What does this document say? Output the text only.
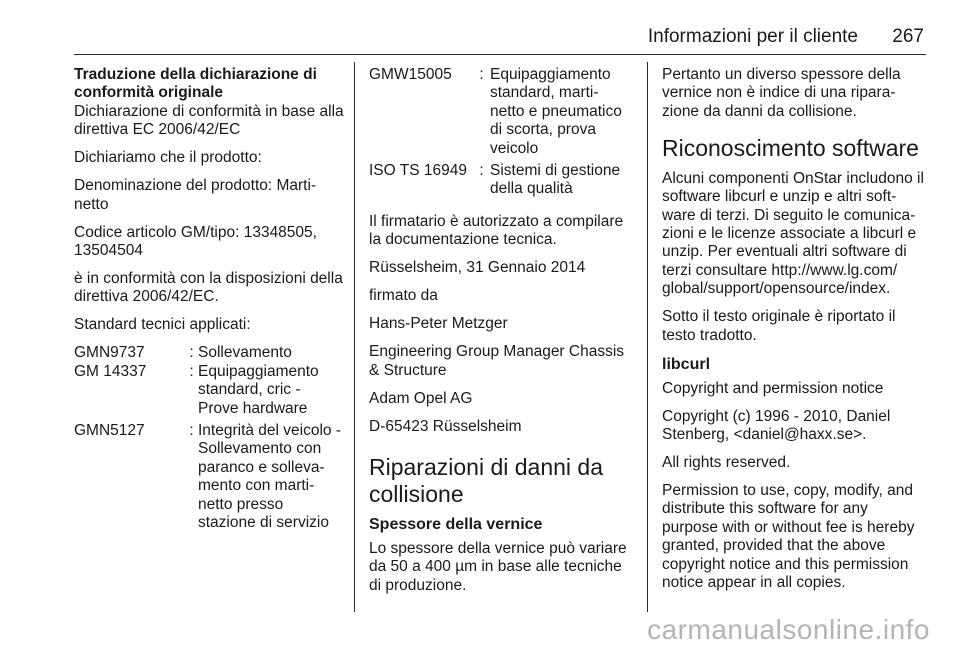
Informazioni per il cliente	267

Traduzione della dichiarazione di conformità originale

Dichiarazione di conformità in base alla direttiva EC 2006/42/EC

Dichiariamo che il prodotto:

Denominazione del prodotto: Marti- netto

Codice articolo GM/tipo: 13348505, 13504504

è in conformità con la disposizioni della direttiva 2006/42/EC.

Standard tecnici applicati:

GMN9737	: Sollevamento
GM 14337	: Equipaggiamento standard, cric - Prove hardware
GMN5127	: Integrità del veicolo - Sollevamento con paranco e solleva- mento con marti- netto presso stazione di servizio
GMW15005	: Equipaggiamento standard, marti- netto e pneumatico di scorta, prova veicolo
ISO TS 16949 : Sistemi di gestione della qualità

Il firmatario è autorizzato a compilare la documentazione tecnica.

Rüsselsheim, 31 Gennaio 2014

firmato da

Hans-Peter Metzger

Engineering Group Manager Chassis & Structure

Adam Opel AG

D-65423 Rüsselsheim

Riparazioni di danni da collisione
Spessore della vernice

Lo spessore della vernice può variare da 50 a 400 µm in base alle tecniche di produzione.

Pertanto un diverso spessore della vernice non è indice di una ripara- zione da danni da collisione.

Riconoscimento software

Alcuni componenti OnStar includono il software libcurl e unzip e altri soft- ware di terzi. Di seguito le comunica- zioni e le licenze associate a libcurl e unzip. Per eventuali altri software di terzi consultare http://www.lg.com/ global/support/opensource/index.

Sotto il testo originale è riportato il testo tradotto.

libcurl

Copyright and permission notice

Copyright (c) 1996 - 2010, Daniel Stenberg, <daniel@haxx.se>.

All rights reserved.

Permission to use, copy, modify, and distribute this software for any purpose with or without fee is hereby granted, provided that the above copyright notice and this permission notice appear in all copies.

carmanualsonline.info
